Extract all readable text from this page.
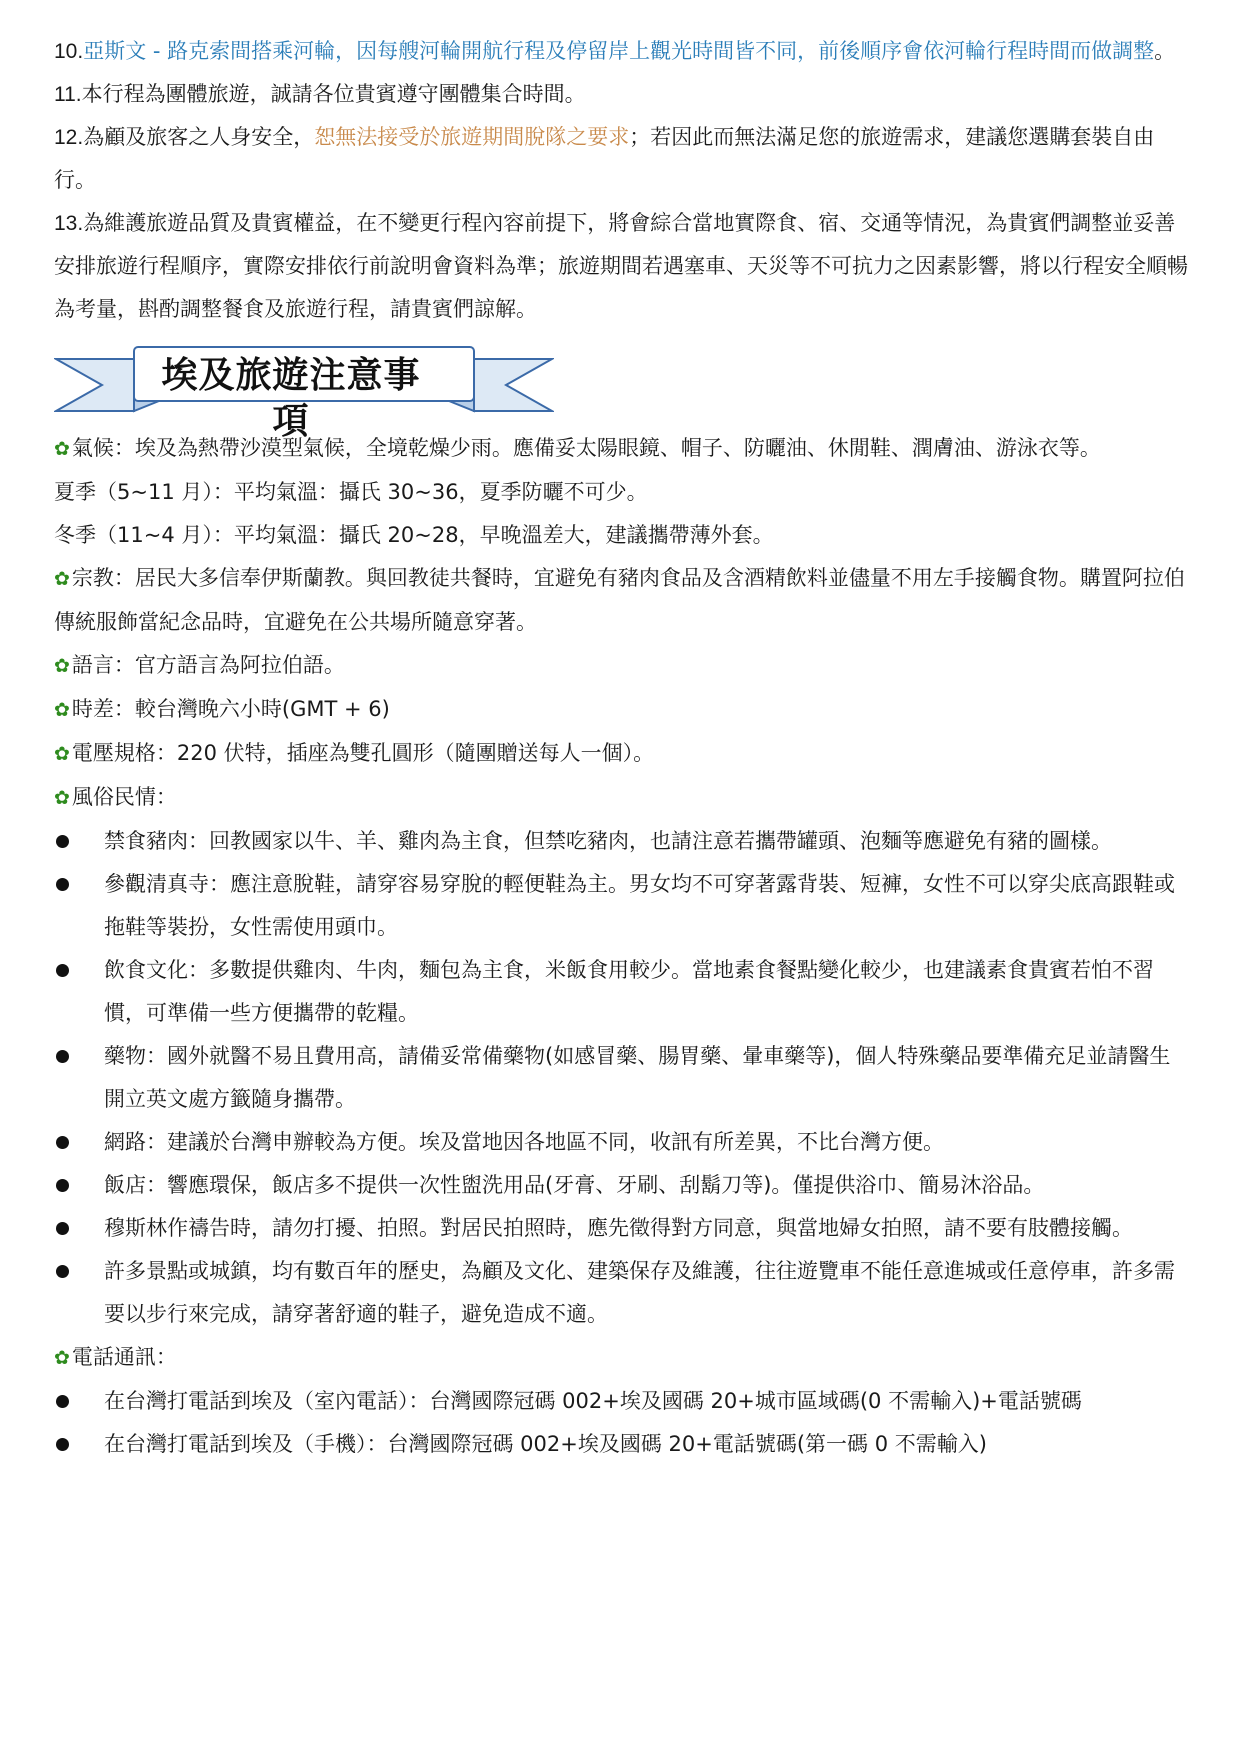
10.亞斯文 - 路克索間搭乘河輪，因每艘河輪開航行程及停留岸上觀光時間皆不同，前後順序會依河輪行程時間而做調整。

11.本行程為團體旅遊，誠請各位貴賓遵守團體集合時間。

12.為顧及旅客之人身安全，恕無法接受於旅遊期間脫隊之要求；若因此而無法滿足您的旅遊需求，建議您選購套裝自由行。

13.為維護旅遊品質及貴賓權益，在不變更行程內容前提下，將會綜合當地實際食、宿、交通等情況，為貴賓們調整並妥善安排旅遊行程順序，實際安排依行前說明會資料為準；旅遊期間若遇塞車、天災等不可抗力之因素影響，將以行程安全順暢為考量，斟酌調整餐食及旅遊行程，請貴賓們諒解。

埃及旅遊注意事項

✿氣候：埃及為熱帶沙漠型氣候，全境乾燥少雨。應備妥太陽眼鏡、帽子、防曬油、休閒鞋、潤膚油、游泳衣等。

夏季（5~11 月）：平均氣溫：攝氏 30~36，夏季防曬不可少。

冬季（11~4 月）：平均氣溫：攝氏 20~28，早晚溫差大，建議攜帶薄外套。

✿宗教：居民大多信奉伊斯蘭教。與回教徒共餐時，宜避免有豬肉食品及含酒精飲料並儘量不用左手接觸食物。購置阿拉伯傳統服飾當紀念品時，宜避免在公共場所隨意穿著。

✿語言：官方語言為阿拉伯語。

✿時差：較台灣晚六小時(GMT + 6)

✿電壓規格：220 伏特，插座為雙孔圓形（隨團贈送每人一個）。

✿風俗民情：

禁食豬肉：回教國家以牛、羊、雞肉為主食，但禁吃豬肉，也請注意若攜帶罐頭、泡麵等應避免有豬的圖樣。
參觀清真寺：應注意脫鞋，請穿容易穿脫的輕便鞋為主。男女均不可穿著露背裝、短褲，女性不可以穿尖底高跟鞋或拖鞋等裝扮，女性需使用頭巾。
飲食文化：多數提供雞肉、牛肉，麵包為主食，米飯食用較少。當地素食餐點變化較少，也建議素食貴賓若怕不習慣，可準備一些方便攜帶的乾糧。
藥物：國外就醫不易且費用高，請備妥常備藥物(如感冒藥、腸胃藥、暈車藥等)，個人特殊藥品要準備充足並請醫生開立英文處方籤隨身攜帶。
網路：建議於台灣申辦較為方便。埃及當地因各地區不同，收訊有所差異，不比台灣方便。
飯店：響應環保，飯店多不提供一次性盥洗用品(牙膏、牙刷、刮鬍刀等)。僅提供浴巾、簡易沐浴品。
穆斯林作禱告時，請勿打擾、拍照。對居民拍照時，應先徵得對方同意，與當地婦女拍照，請不要有肢體接觸。
許多景點或城鎮，均有數百年的歷史，為顧及文化、建築保存及維護，往往遊覽車不能任意進城或任意停車，許多需要以步行來完成，請穿著舒適的鞋子，避免造成不適。

✿電話通訊：

在台灣打電話到埃及（室內電話）：台灣國際冠碼 002+埃及國碼 20+城市區域碼(0 不需輸入)+電話號碼
在台灣打電話到埃及（手機）：台灣國際冠碼 002+埃及國碼 20+電話號碼(第一碼 0 不需輸入)
